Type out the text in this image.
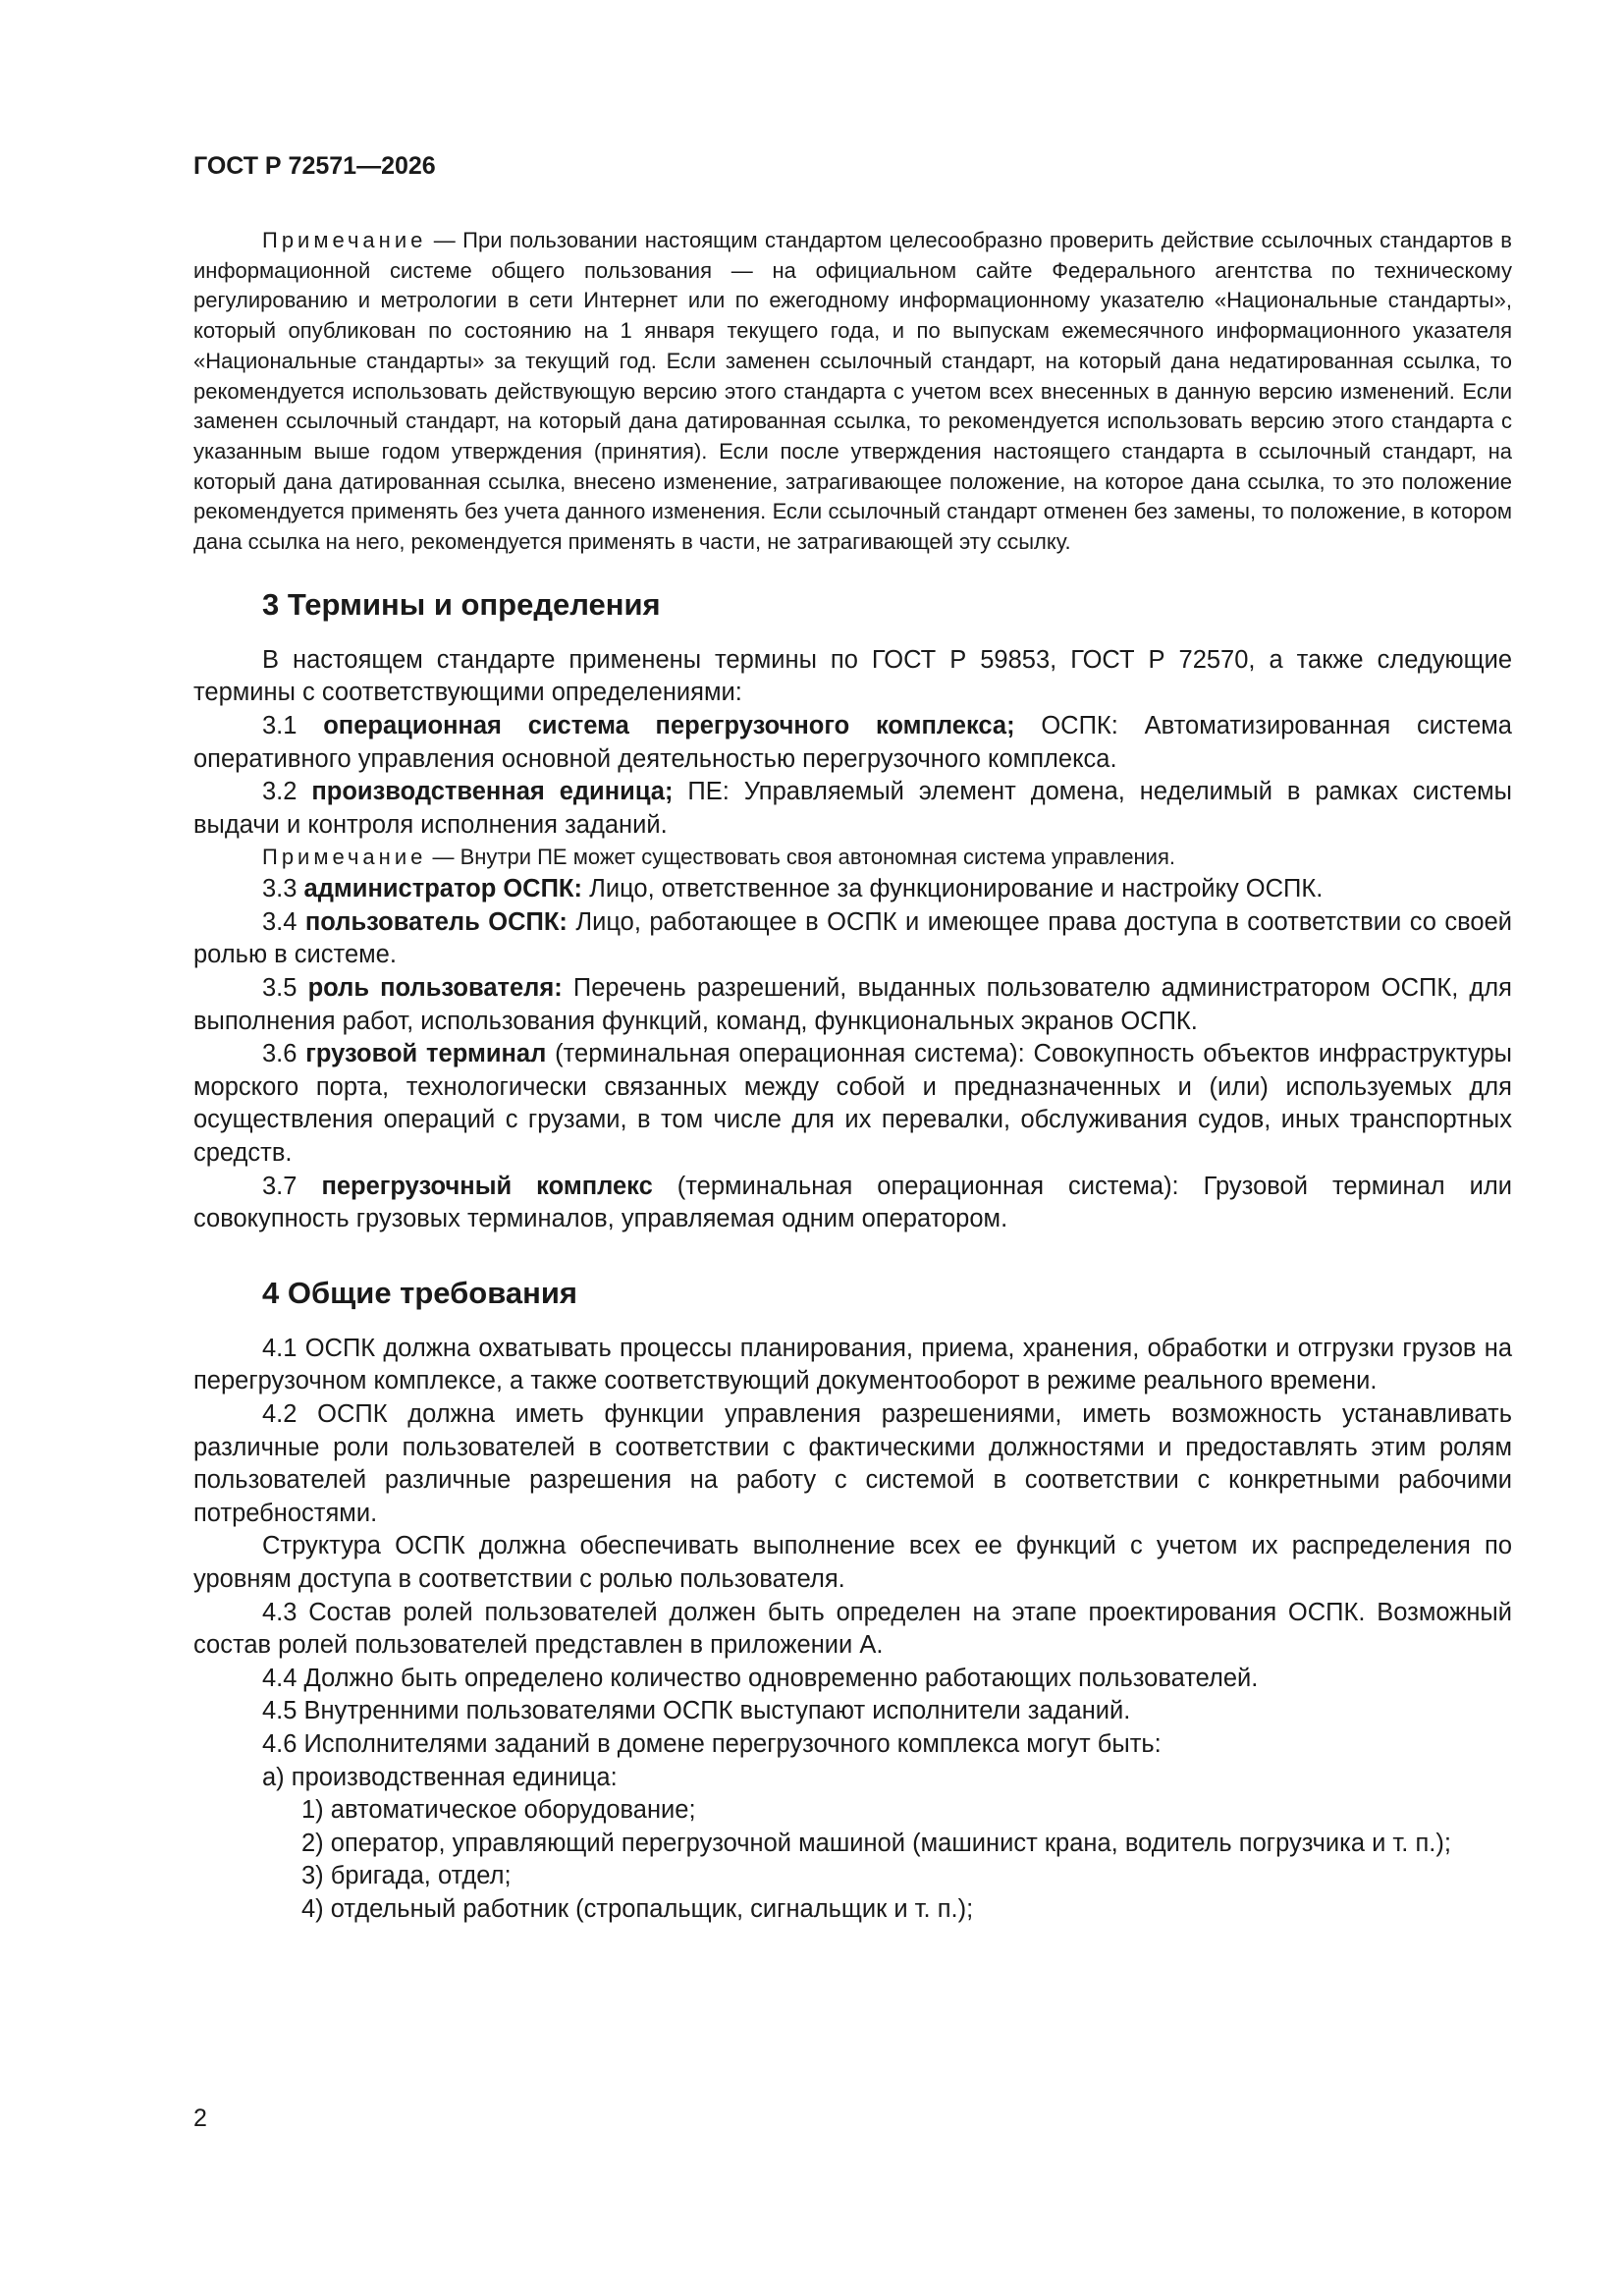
ГОСТ Р 72571—2026

Примечание — При пользовании настоящим стандартом целесообразно проверить действие ссылочных стандартов в информационной системе общего пользования — на официальном сайте Федерального агентства по техническому регулированию и метрологии в сети Интернет или по ежегодному информационному указателю «Национальные стандарты», который опубликован по состоянию на 1 января текущего года, и по выпускам ежемесячного информационного указателя «Национальные стандарты» за текущий год. Если заменен ссылочный стандарт, на который дана недатированная ссылка, то рекомендуется использовать действующую версию этого стандарта с учетом всех внесенных в данную версию изменений. Если заменен ссылочный стандарт, на который дана датированная ссылка, то рекомендуется использовать версию этого стандарта с указанным выше годом утверждения (принятия). Если после утверждения настоящего стандарта в ссылочный стандарт, на который дана датированная ссылка, внесено изменение, затрагивающее положение, на которое дана ссылка, то это положение рекомендуется применять без учета данного изменения. Если ссылочный стандарт отменен без замены, то положение, в котором дана ссылка на него, рекомендуется применять в части, не затрагивающей эту ссылку.

3 Термины и определения

В настоящем стандарте применены термины по ГОСТ Р 59853, ГОСТ Р 72570, а также следующие термины с соответствующими определениями:

3.1 операционная система перегрузочного комплекса; ОСПК: Автоматизированная система оперативного управления основной деятельностью перегрузочного комплекса.

3.2 производственная единица; ПЕ: Управляемый элемент домена, неделимый в рамках системы выдачи и контроля исполнения заданий.

Примечание — Внутри ПЕ может существовать своя автономная система управления.

3.3 администратор ОСПК: Лицо, ответственное за функционирование и настройку ОСПК.

3.4 пользователь ОСПК: Лицо, работающее в ОСПК и имеющее права доступа в соответствии со своей ролью в системе.

3.5 роль пользователя: Перечень разрешений, выданных пользователю администратором ОСПК, для выполнения работ, использования функций, команд, функциональных экранов ОСПК.

3.6 грузовой терминал (терминальная операционная система): Совокупность объектов инфраструктуры морского порта, технологически связанных между собой и предназначенных и (или) используемых для осуществления операций с грузами, в том числе для их перевалки, обслуживания судов, иных транспортных средств.

3.7 перегрузочный комплекс (терминальная операционная система): Грузовой терминал или совокупность грузовых терминалов, управляемая одним оператором.

4 Общие требования

4.1 ОСПК должна охватывать процессы планирования, приема, хранения, обработки и отгрузки грузов на перегрузочном комплексе, а также соответствующий документооборот в режиме реального времени.

4.2 ОСПК должна иметь функции управления разрешениями, иметь возможность устанавливать различные роли пользователей в соответствии с фактическими должностями и предоставлять этим ролям пользователей различные разрешения на работу с системой в соответствии с конкретными рабочими потребностями.

Структура ОСПК должна обеспечивать выполнение всех ее функций с учетом их распределения по уровням доступа в соответствии с ролью пользователя.

4.3 Состав ролей пользователей должен быть определен на этапе проектирования ОСПК. Возможный состав ролей пользователей представлен в приложении А.

4.4 Должно быть определено количество одновременно работающих пользователей.

4.5 Внутренними пользователями ОСПК выступают исполнители заданий.

4.6 Исполнителями заданий в домене перегрузочного комплекса могут быть:

а) производственная единица:

1) автоматическое оборудование;

2) оператор, управляющий перегрузочной машиной (машинист крана, водитель погрузчика и т. п.);

3) бригада, отдел;

4) отдельный работник (стропальщик, сигнальщик и т. п.);

2
